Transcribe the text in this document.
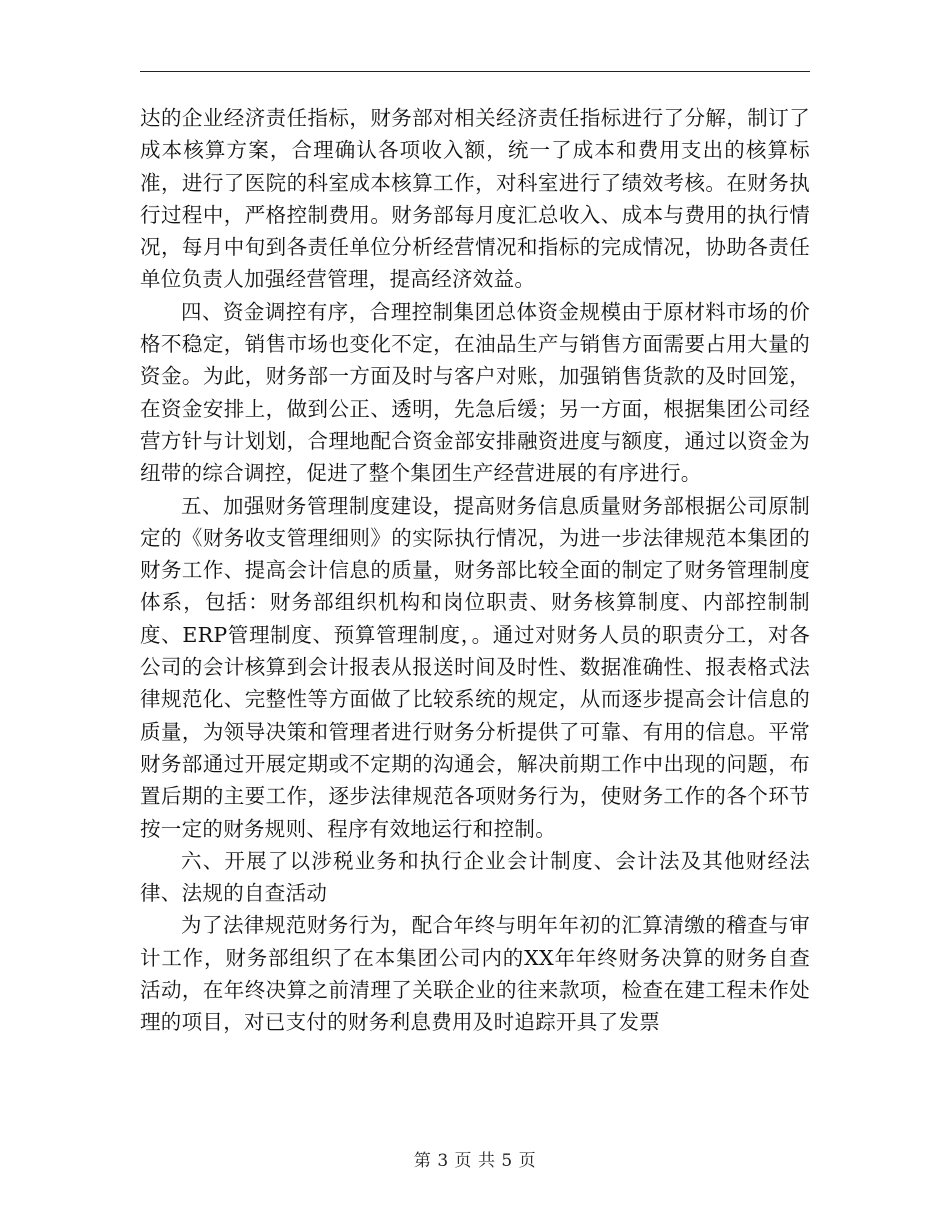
达的企业经济责任指标，财务部对相关经济责任指标进行了分解，制订了成本核算方案，合理确认各项收入额，统一了成本和费用支出的核算标准，进行了医院的科室成本核算工作，对科室进行了绩效考核。在财务执行过程中，严格控制费用。财务部每月度汇总收入、成本与费用的执行情况，每月中旬到各责任单位分析经营情况和指标的完成情况，协助各责任单位负责人加强经营管理，提高经济效益。

四、资金调控有序，合理控制集团总体资金规模由于原材料市场的价格不稳定，销售市场也变化不定，在油品生产与销售方面需要占用大量的资金。为此，财务部一方面及时与客户对账，加强销售货款的及时回笼，在资金安排上，做到公正、透明，先急后缓；另一方面，根据集团公司经营方针与计划划，合理地配合资金部安排融资进度与额度，通过以资金为纽带的综合调控，促进了整个集团生产经营进展的有序进行。

五、加强财务管理制度建设，提高财务信息质量财务部根据公司原制定的《财务收支管理细则》的实际执行情况，为进一步法律规范本集团的财务工作、提高会计信息的质量，财务部比较全面的制定了财务管理制度体系，包括：财务部组织机构和岗位职责、财务核算制度、内部控制制度、ERP管理制度、预算管理制度，。通过对财务人员的职责分工，对各公司的会计核算到会计报表从报送时间及时性、数据准确性、报表格式法律规范化、完整性等方面做了比较系统的规定，从而逐步提高会计信息的质量，为领导决策和管理者进行财务分析提供了可靠、有用的信息。平常财务部通过开展定期或不定期的沟通会，解决前期工作中出现的问题，布置后期的主要工作，逐步法律规范各项财务行为，使财务工作的各个环节按一定的财务规则、程序有效地运行和控制。

六、开展了以涉税业务和执行企业会计制度、会计法及其他财经法律、法规的自查活动

为了法律规范财务行为，配合年终与明年年初的汇算清缴的稽查与审计工作，财务部组织了在本集团公司内的XX年年终财务决算的财务自查活动，在年终决算之前清理了关联企业的往来款项，检查在建工程未作处理的项目，对已支付的财务利息费用及时追踪开具了发票

第 3 页 共 5 页
